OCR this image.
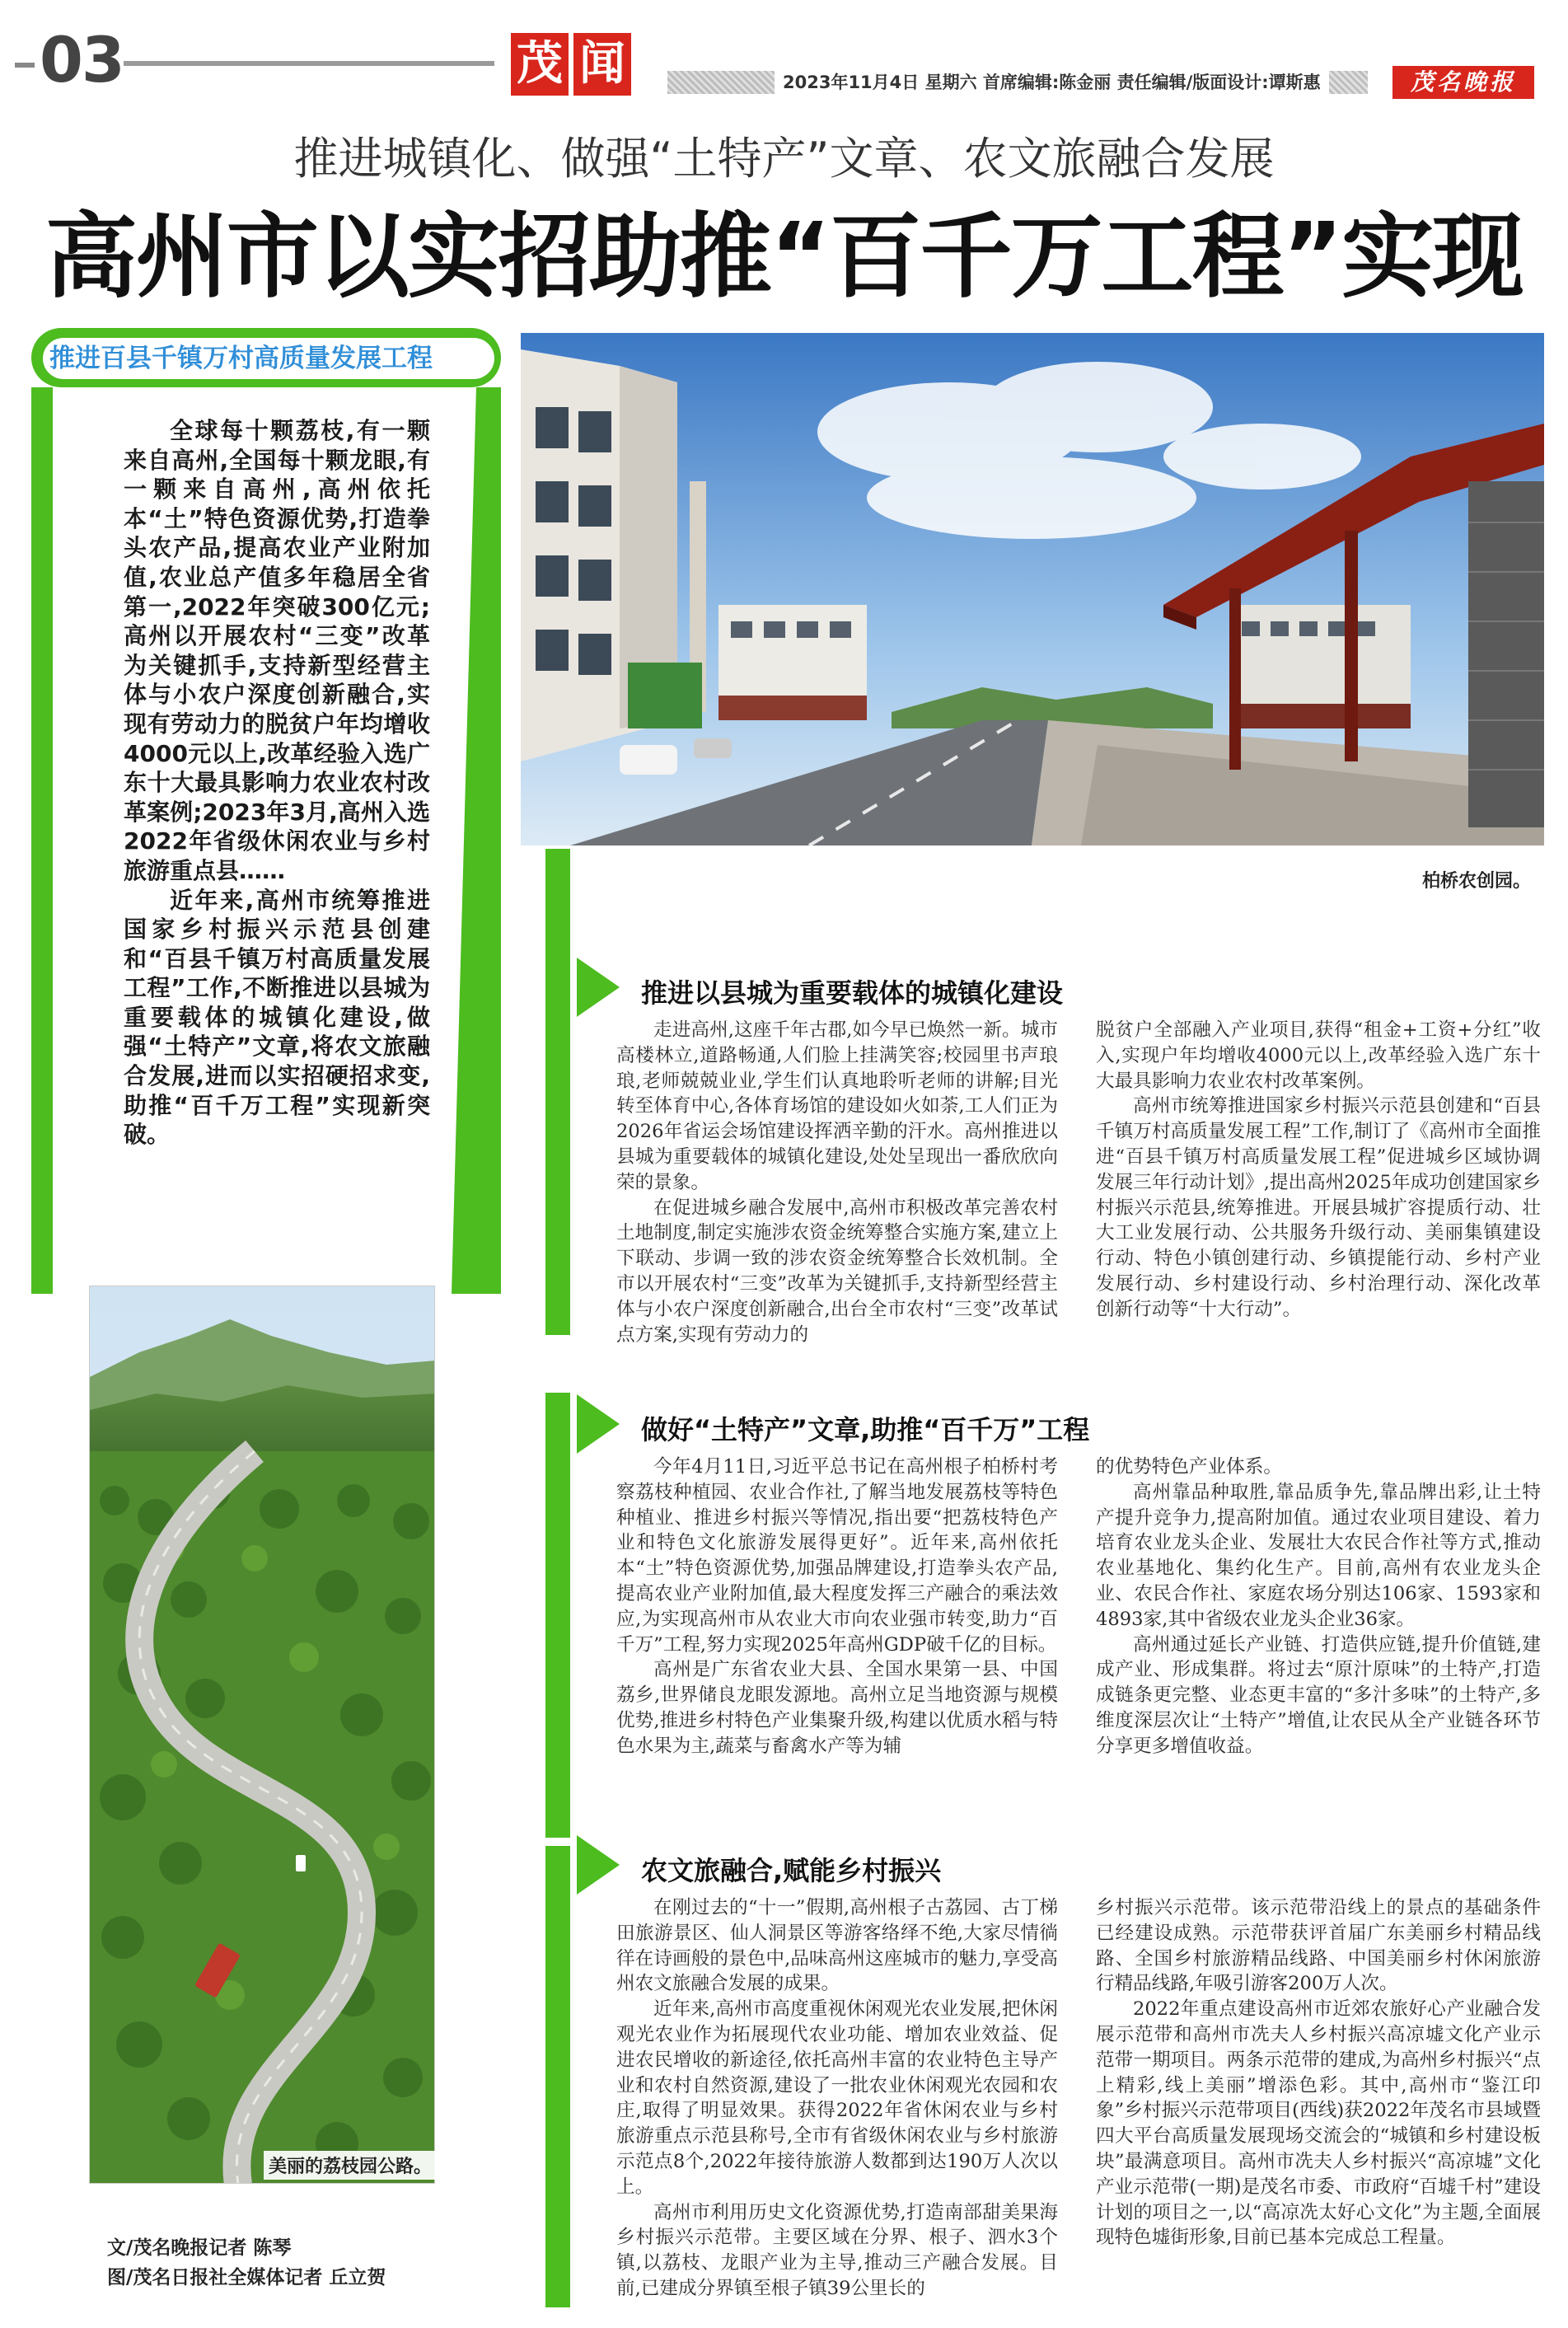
03	茂 闻	2023年11月4日 星期六 首席编辑:陈金丽 责任编辑/版面设计:谭斯惠	茂名晚报
推进城镇化、做强“土特产”文章、农文旅融合发展
高州市以实招助推“百千万工程”实现
推进百县千镇万村高质量发展工程

全球每十颗荔枝,有一颗来自高州,全国每十颗龙眼,有一颗来自高州,高州依托本“土”特色资源优势,打造拳头农产品,提高农业产业附加值,农业总产值多年稳居全省第一,2022年突破300亿元;高州以开展农村“三变”改革为关键抓手,支持新型经营主体与小农户深度创新融合,实现有劳动力的脱贫户年均增收4000元以上,改革经验入选广东十大最具影响力农业农村改革案例;2023年3月,高州入选2022年省级休闲农业与乡村旅游重点县……

近年来,高州市统筹推进国家乡村振兴示范县创建和“百县千镇万村高质量发展工程”工作,不断推进以县城为重要载体的城镇化建设,做强“土特产”文章,将农文旅融合发展,进而以实招硬招求变,助推“百千万工程”实现新突破。

美丽的荔枝园公路。
文/茂名晚报记者 陈琴
图/茂名日报社全媒体记者 丘立贺
柏桥农创园。
推进以县城为重要载体的城镇化建设

走进高州,这座千年古郡,如今早已焕然一新。城市高楼林立,道路畅通,人们脸上挂满笑容;校园里书声琅琅,老师兢兢业业,学生们认真地聆听老师的讲解;目光转至体育中心,各体育场馆的建设如火如荼,工人们正为2026年省运会场馆建设挥洒辛勤的汗水。高州推进以县城为重要载体的城镇化建设,处处呈现出一番欣欣向荣的景象。

在促进城乡融合发展中,高州市积极改革完善农村土地制度,制定实施涉农资金统筹整合实施方案,建立上下联动、步调一致的涉农资金统筹整合长效机制。全市以开展农村“三变”改革为关键抓手,支持新型经营主体与小农户深度创新融合,出台全市农村“三变”改革试点方案,实现有劳动力的

脱贫户全部融入产业项目,获得“租金+工资+分红”收入,实现户年均增收4000元以上,改革经验入选广东十大最具影响力农业农村改革案例。

高州市统筹推进国家乡村振兴示范县创建和“百县千镇万村高质量发展工程”工作,制订了《高州市全面推进“百县千镇万村高质量发展工程”促进城乡区域协调发展三年行动计划》,提出高州2025年成功创建国家乡村振兴示范县,统筹推进。开展县城扩容提质行动、壮大工业发展行动、公共服务升级行动、美丽集镇建设行动、特色小镇创建行动、乡镇提能行动、乡村产业发展行动、乡村建设行动、乡村治理行动、深化改革创新行动等“十大行动”。

做好“土特产”文章,助推“百千万”工程

今年4月11日,习近平总书记在高州根子柏桥村考察荔枝种植园、农业合作社,了解当地发展荔枝等特色种植业、推进乡村振兴等情况,指出要“把荔枝特色产业和特色文化旅游发展得更好”。近年来,高州依托本“土”特色资源优势,加强品牌建设,打造拳头农产品,提高农业产业附加值,最大程度发挥三产融合的乘法效应,为实现高州市从农业大市向农业强市转变,助力“百千万”工程,努力实现2025年高州GDP破千亿的目标。

高州是广东省农业大县、全国水果第一县、中国荔乡,世界储良龙眼发源地。高州立足当地资源与规模优势,推进乡村特色产业集聚升级,构建以优质水稻与特色水果为主,蔬菜与畜禽水产等为辅

的优势特色产业体系。

高州靠品种取胜,靠品质争先,靠品牌出彩,让土特产提升竞争力,提高附加值。通过农业项目建设、着力培育农业龙头企业、发展壮大农民合作社等方式,推动农业基地化、集约化生产。目前,高州有农业龙头企业、农民合作社、家庭农场分别达106家、1593家和4893家,其中省级农业龙头企业36家。

高州通过延长产业链、打造供应链,提升价值链,建成产业、形成集群。将过去“原汁原味”的土特产,打造成链条更完整、业态更丰富的“多汁多味”的土特产,多维度深层次让“土特产”增值,让农民从全产业链各环节分享更多增值收益。

农文旅融合,赋能乡村振兴

在刚过去的“十一”假期,高州根子古荔园、古丁梯田旅游景区、仙人洞景区等游客络绎不绝,大家尽情徜徉在诗画般的景色中,品味高州这座城市的魅力,享受高州农文旅融合发展的成果。

近年来,高州市高度重视休闲观光农业发展,把休闲观光农业作为拓展现代农业功能、增加农业效益、促进农民增收的新途径,依托高州丰富的农业特色主导产业和农村自然资源,建设了一批农业休闲观光农园和农庄,取得了明显效果。获得2022年省休闲农业与乡村旅游重点示范县称号,全市有省级休闲农业与乡村旅游示范点8个,2022年接待旅游人数都到达190万人次以上。

高州市利用历史文化资源优势,打造南部甜美果海乡村振兴示范带。主要区域在分界、根子、泗水3个镇,以荔枝、龙眼产业为主导,推动三产融合发展。目前,已建成分界镇至根子镇39公里长的

乡村振兴示范带。该示范带沿线上的景点的基础条件已经建设成熟。示范带获评首届广东美丽乡村精品线路、全国乡村旅游精品线路、中国美丽乡村休闲旅游行精品线路,年吸引游客200万人次。

2022年重点建设高州市近郊农旅好心产业融合发展示范带和高州市冼夫人乡村振兴高凉墟文化产业示范带一期项目。两条示范带的建成,为高州乡村振兴“点上精彩,线上美丽”增添色彩。其中,高州市“鉴江印象”乡村振兴示范带项目(西线)获2022年茂名市县域暨四大平台高质量发展现场交流会的“城镇和乡村建设板块”最满意项目。高州市冼夫人乡村振兴“高凉墟”文化产业示范带(一期)是茂名市委、市政府“百墟千村”建设计划的项目之一,以“高凉冼太好心文化”为主题,全面展现特色墟街形象,目前已基本完成总工程量。
